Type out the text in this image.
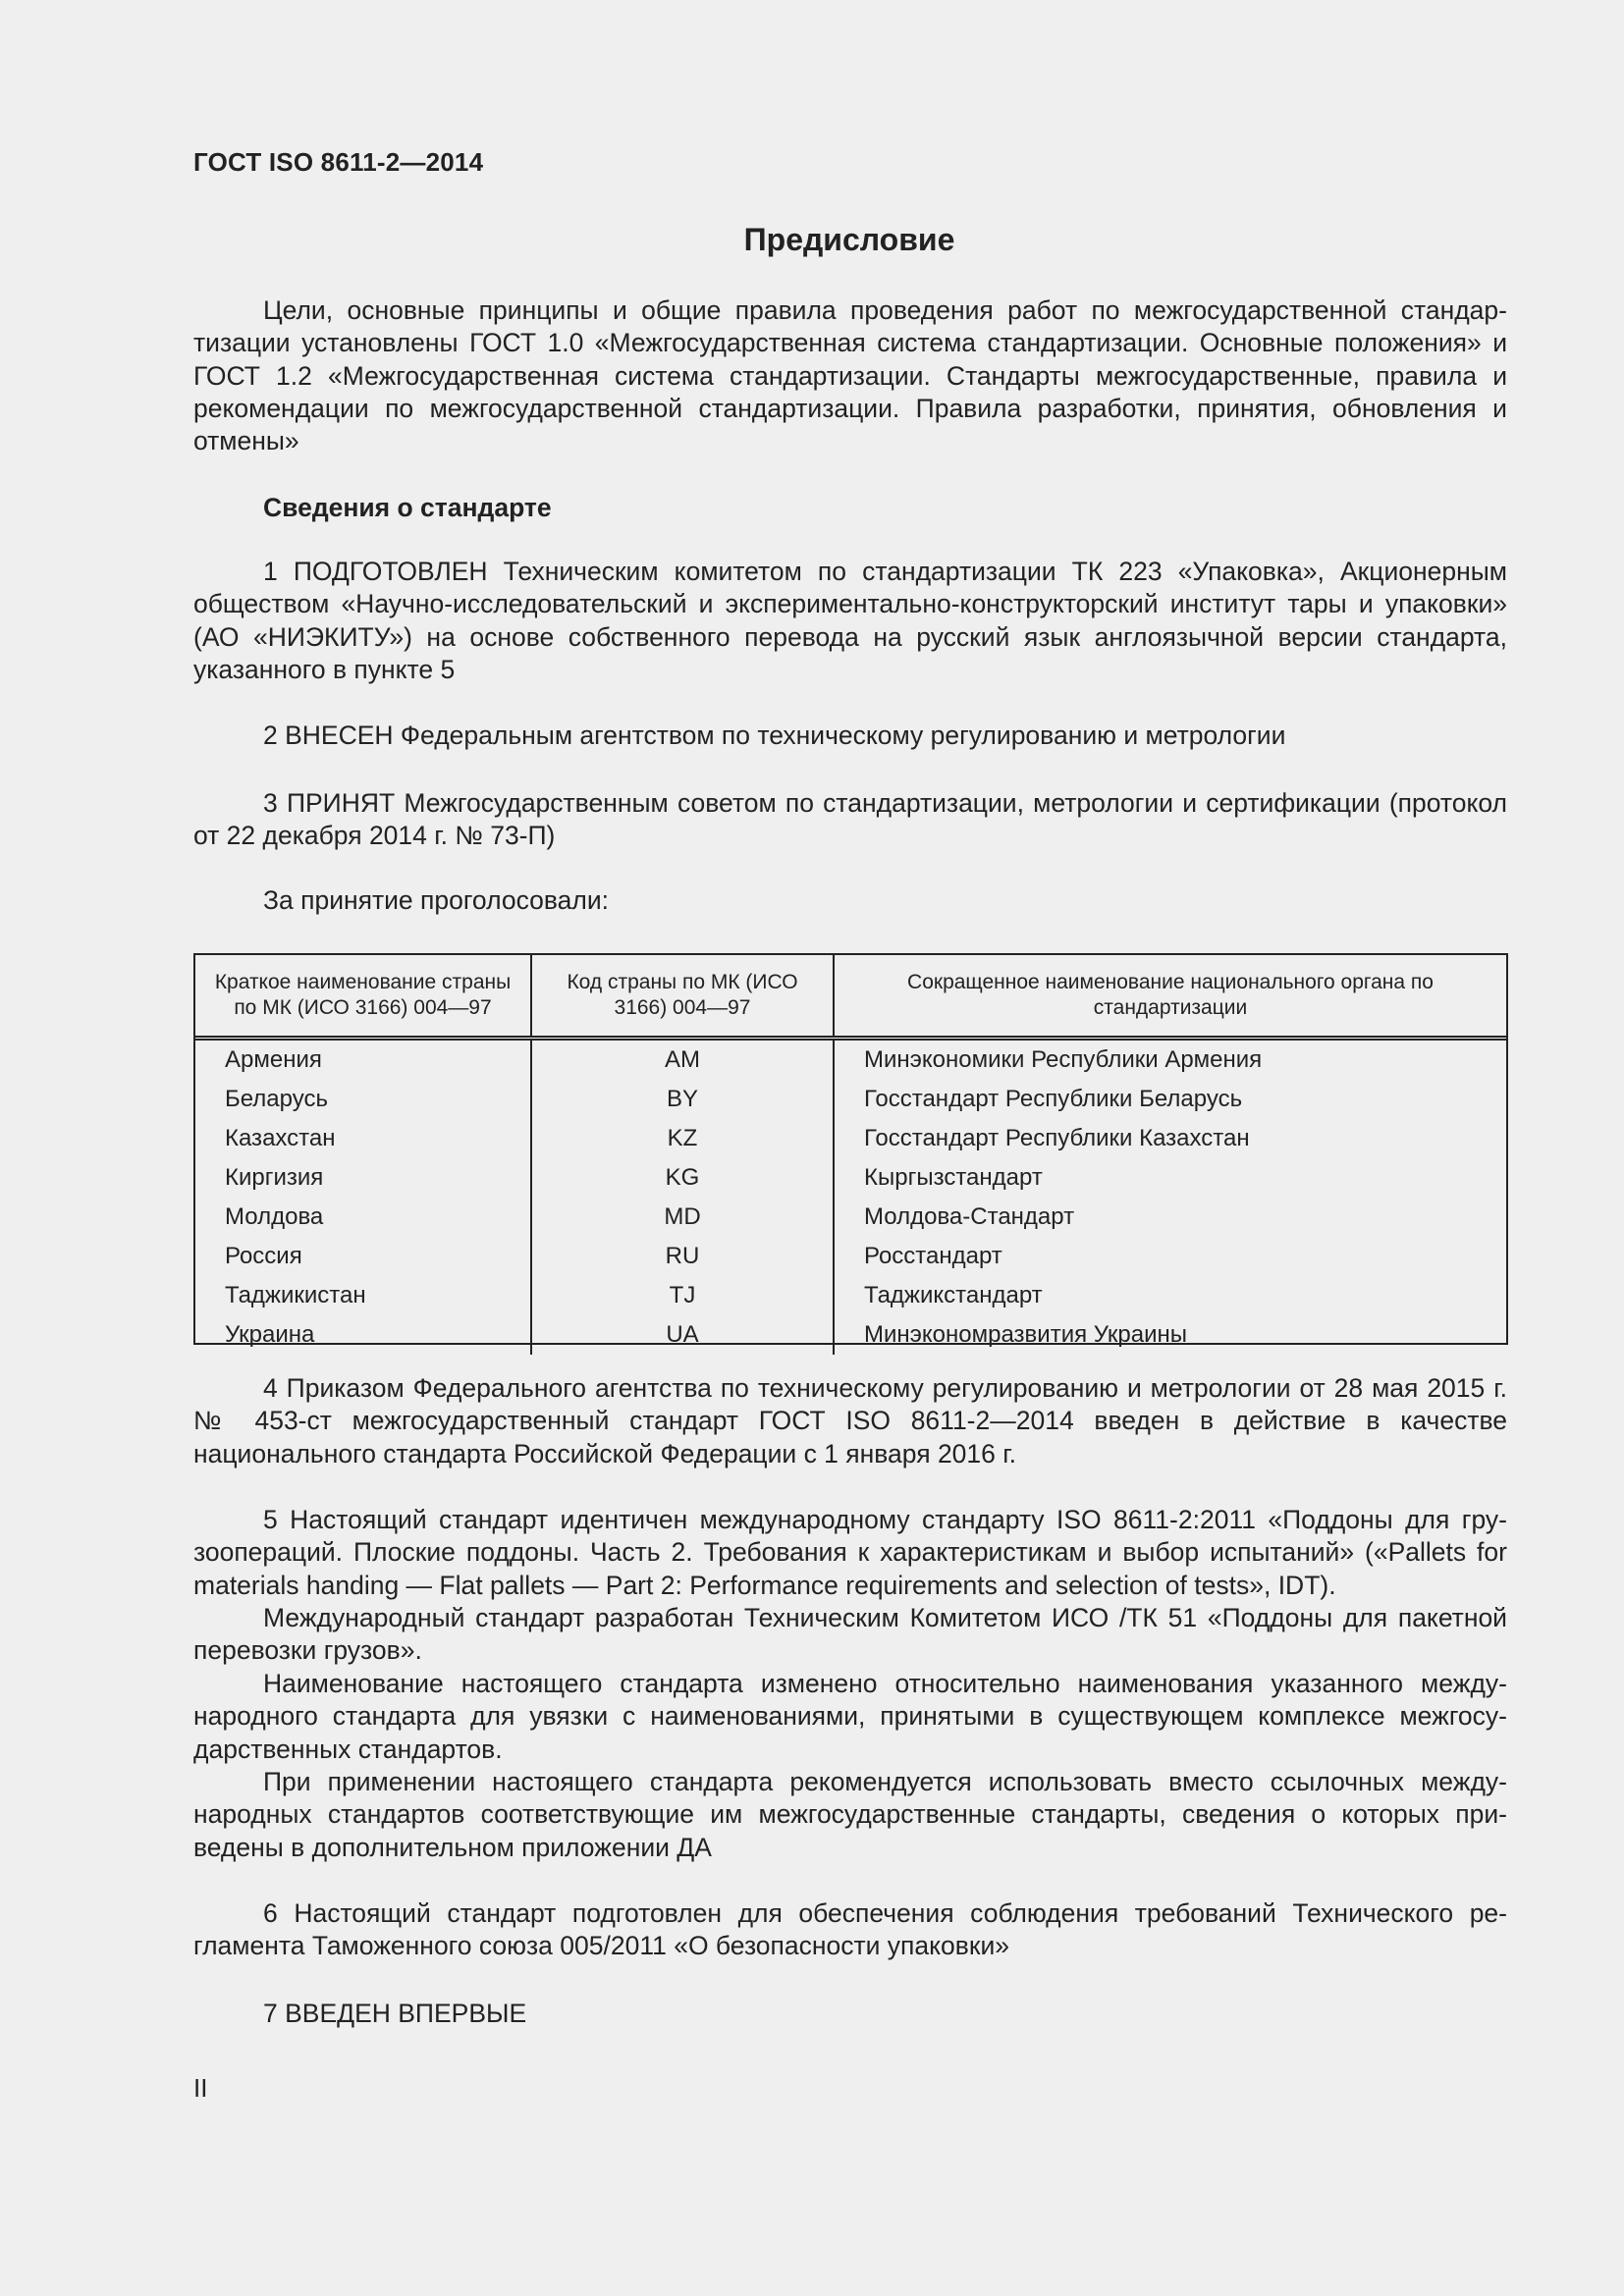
ГОСТ ISO 8611-2—2014
Предисловие
Цели, основные принципы и общие правила проведения работ по межгосударственной стандартизации установлены ГОСТ 1.0 «Межгосударственная система стандартизации. Основные положения» и ГОСТ 1.2 «Межгосударственная система стандартизации. Стандарты межгосударственные, правила и рекомендации по межгосударственной стандартизации. Правила разработки, принятия, обновления и отмены»
Сведения о стандарте
1 ПОДГОТОВЛЕН Техническим комитетом по стандартизации ТК 223 «Упаковка», Акционерным обществом «Научно-исследовательский и экспериментально-конструкторский институт тары и упаковки» (АО «НИЭКИТУ») на основе собственного перевода на русский язык англоязычной версии стандарта, указанного в пункте 5
2 ВНЕСЕН Федеральным агентством по техническому регулированию и метрологии
3 ПРИНЯТ Межгосударственным советом по стандартизации, метрологии и сертификации (протокол от 22 декабря 2014 г. № 73-П)
За принятие проголосовали:
Краткое наименование страны по МК (ИСО 3166) 004—97	Код страны по МК (ИСО 3166) 004—97	Сокращенное наименование национального органа по стандартизации
Армения	AM	Минэкономики Республики Армения
Беларусь	BY	Госстандарт Республики Беларусь
Казахстан	KZ	Госстандарт Республики Казахстан
Киргизия	KG	Кыргызстандарт
Молдова	MD	Молдова-Стандарт
Россия	RU	Росстандарт
Таджикистан	TJ	Таджикстандарт
Украина	UA	Минэкономразвития Украины
4 Приказом Федерального агентства по техническому регулированию и метрологии от 28 мая 2015 г. № 453-ст межгосударственный стандарт ГОСТ ISO 8611-2—2014 введен в действие в качестве национального стандарта Российской Федерации с 1 января 2016 г.
5 Настоящий стандарт идентичен международному стандарту ISO 8611-2:2011 «Поддоны для грузоопераций. Плоские поддоны. Часть 2. Требования к характеристикам и выбор испытаний» («Pallets for materials handing — Flat pallets — Part 2: Performance requirements and selection of tests», IDT).
Международный стандарт разработан Техническим Комитетом ИСО /ТК 51 «Поддоны для пакетной перевозки грузов».
Наименование настоящего стандарта изменено относительно наименования указанного международного стандарта для увязки с наименованиями, принятыми в существующем комплексе межгосударственных стандартов.
При применении настоящего стандарта рекомендуется использовать вместо ссылочных международных стандартов соответствующие им межгосударственные стандарты, сведения о которых приведены в дополнительном приложении ДА
6 Настоящий стандарт подготовлен для обеспечения соблюдения требований Технического регламента Таможенного союза 005/2011 «О безопасности упаковки»
7 ВВЕДЕН ВПЕРВЫЕ
II
